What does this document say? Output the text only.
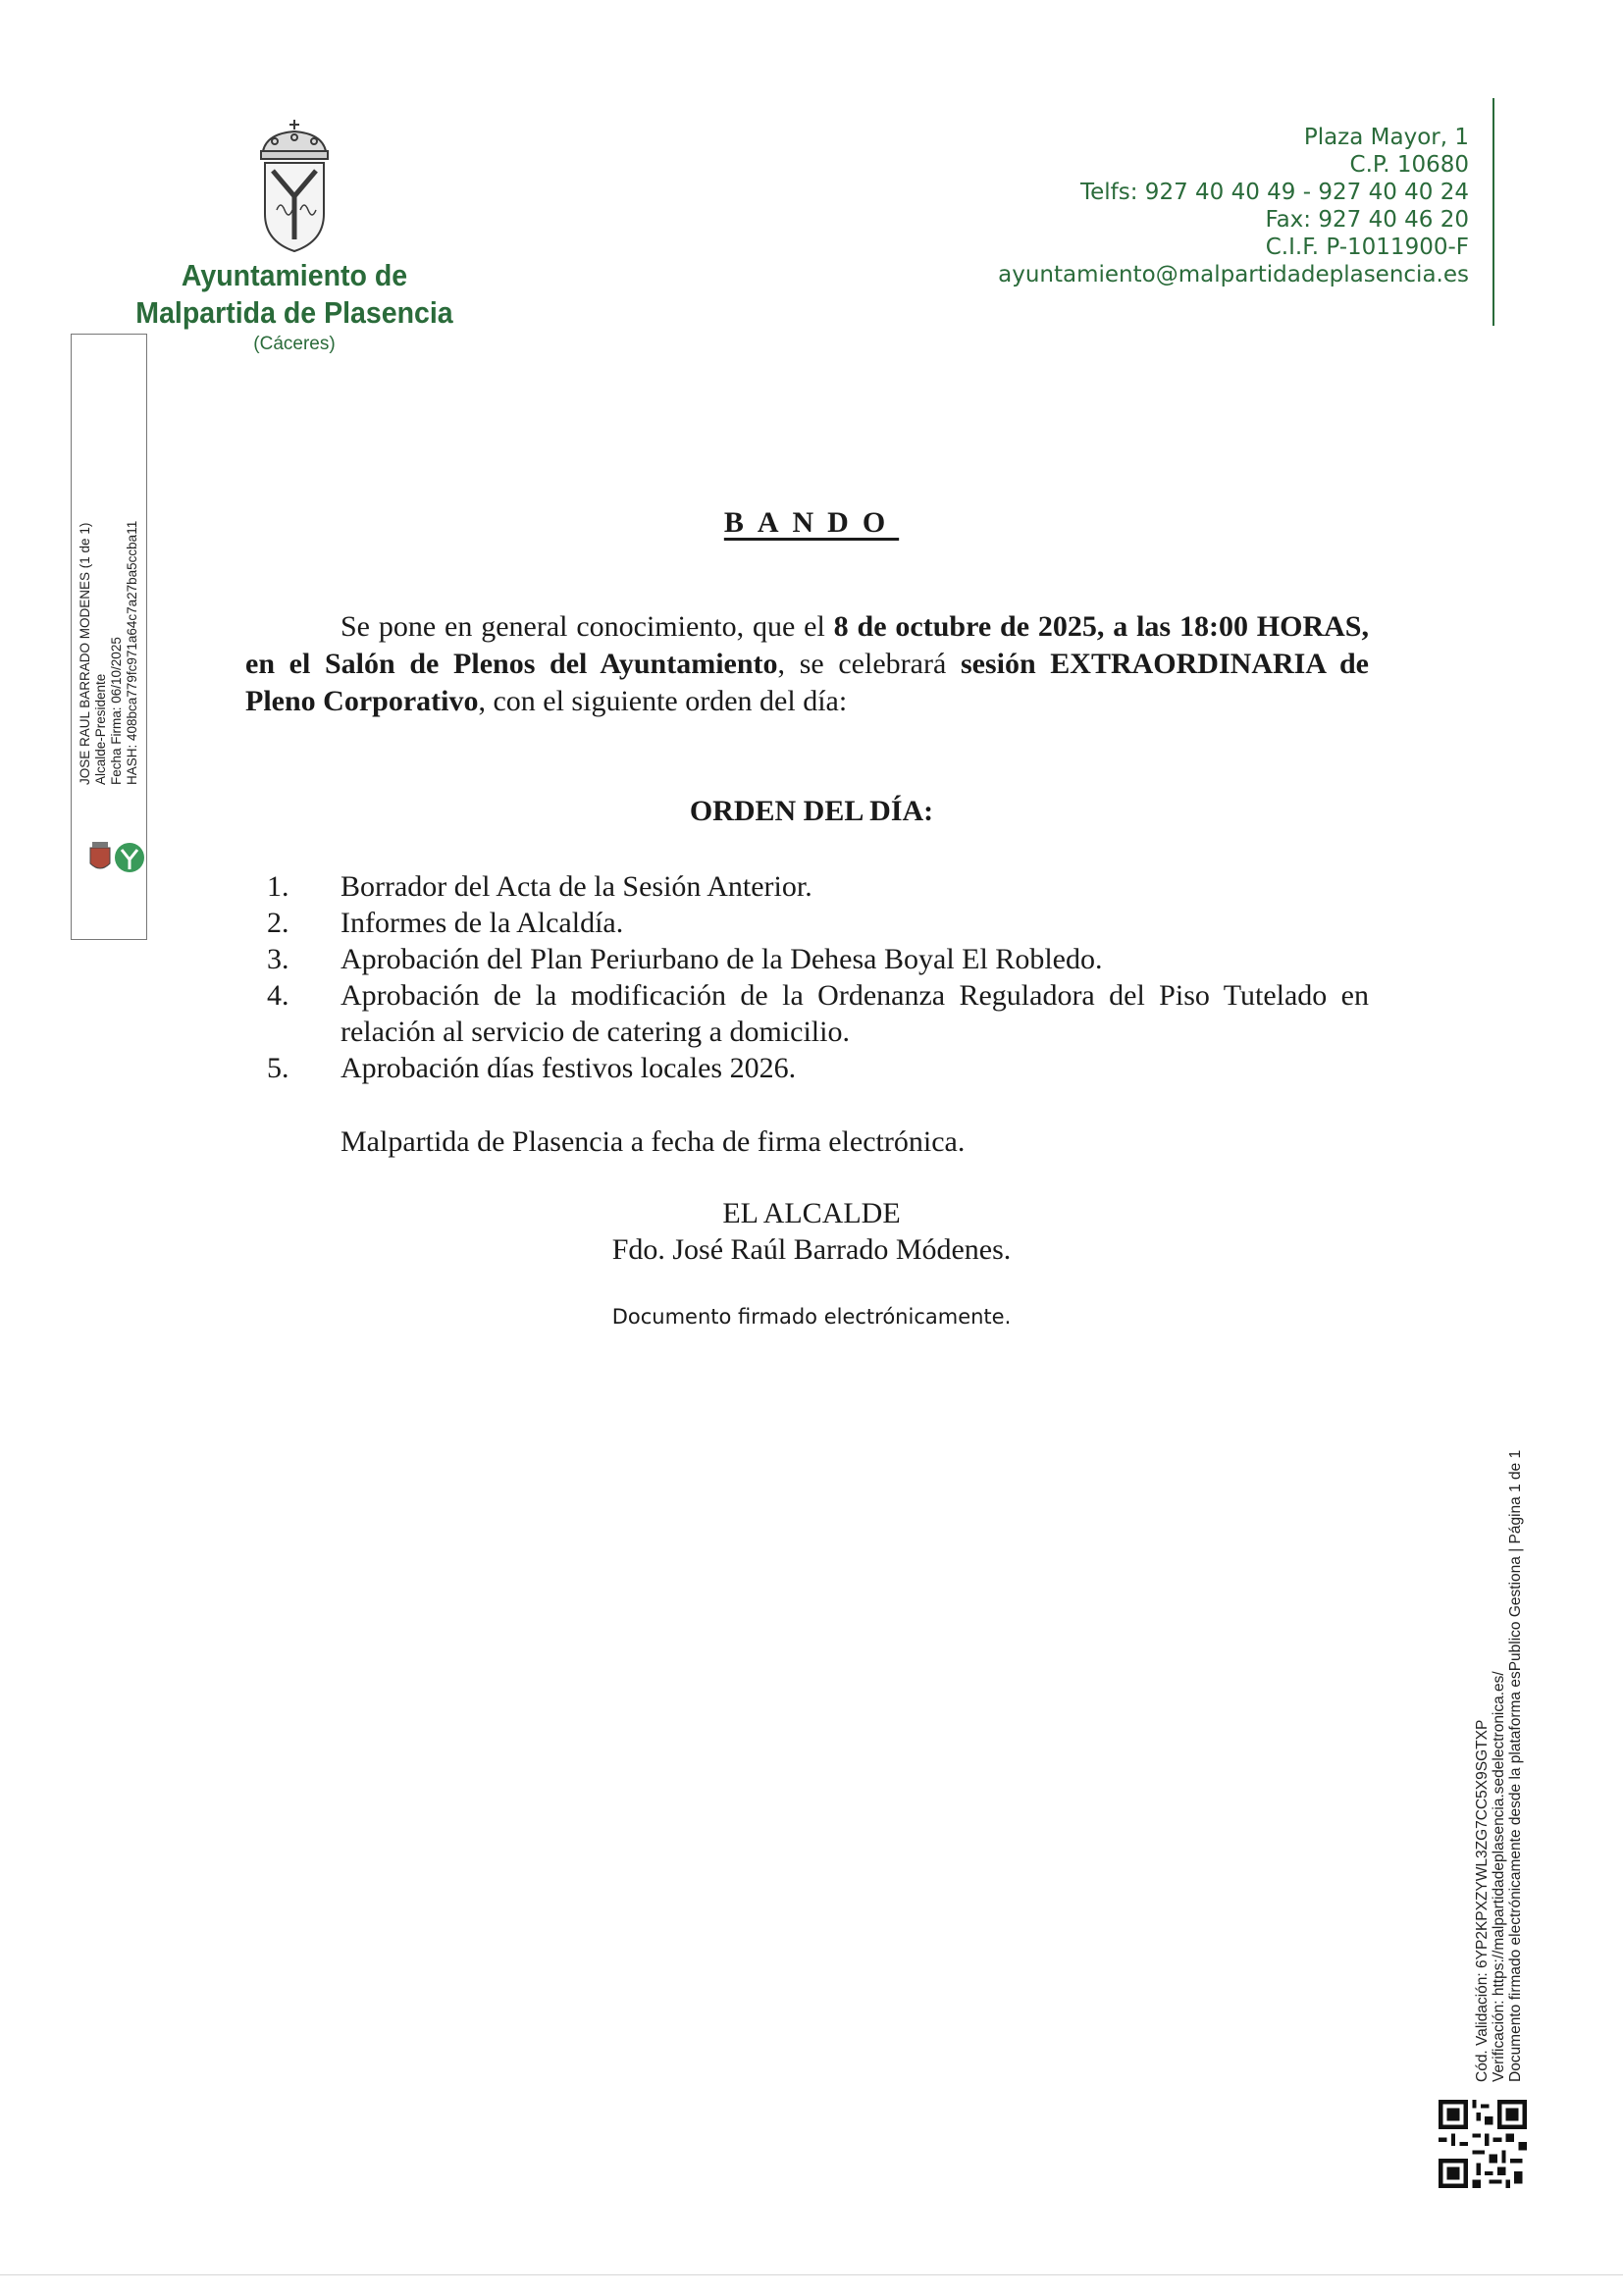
Ayuntamiento de
Malpartida de Plasencia
(Cáceres)
Plaza Mayor, 1
C.P. 10680
Telfs: 927 40 40 49 - 927 40 40 24
Fax: 927 40 46 20
C.I.F. P-1011900-F
ayuntamiento@malpartidadeplasencia.es
JOSE RAUL BARRADO MODENES (1 de 1) Alcalde-Presidente Fecha Firma: 06/10/2025 HASH: 408bca779fc971a64c7a27ba5ccba11	BANDO
Se pone en general conocimiento, que el 8 de octubre de 2025, a las 18:00 HORAS, en el Salón de Plenos del Ayuntamiento, se celebrará sesión EXTRAORDINARIA de Pleno Corporativo, con el siguiente orden del día:
ORDEN DEL DÍA:
1. Borrador del Acta de la Sesión Anterior.
2. Informes de la Alcaldía.
3. Aprobación del Plan Periurbano de la Dehesa Boyal El Robledo.
4. Aprobación de la modificación de la Ordenanza Reguladora del Piso Tutelado en relación al servicio de catering a domicilio.
5. Aprobación días festivos locales 2026.
Malpartida de Plasencia a fecha de firma electrónica.
EL ALCALDE
Fdo. José Raúl Barrado Módenes.
Documento firmado electrónicamente.
Cód. Validación: 6YP2KPXZYWL3ZG7CC5X9SGTXP Verificación: https://malpartidadeplasencia.sedelectronica.es/ Documento firmado electrónicamente desde la plataforma esPublico Gestiona | Página 1 de 1
